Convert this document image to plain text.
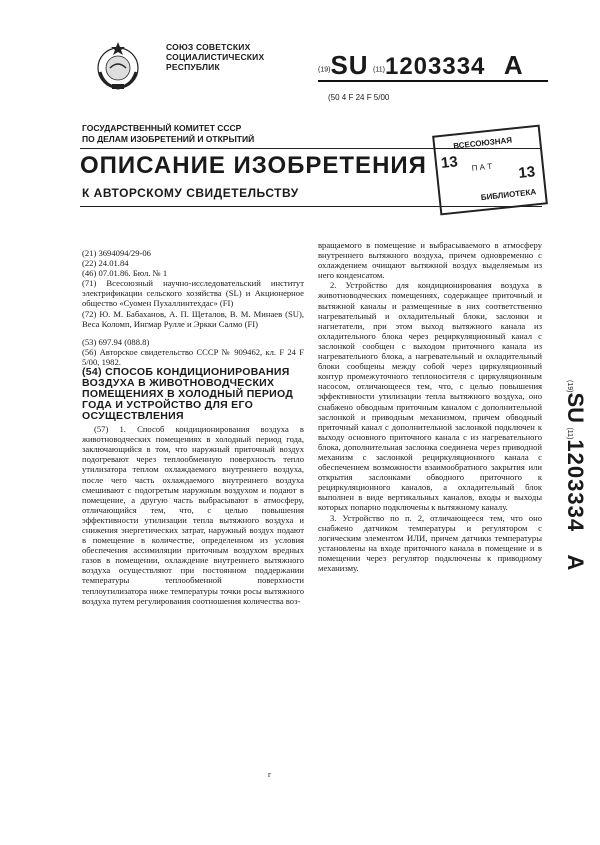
СОЮЗ СОВЕТСКИХ
СОЦИАЛИСТИЧЕСКИХ
РЕСПУБЛИК	(19)SU (11)1203334 A
(50 4 F 24 F 5/00
ГОСУДАРСТВЕННЫЙ КОМИТЕТ СССР
ПО ДЕЛАМ ИЗОБРЕТЕНИЙ И ОТКРЫТИЙ
ОПИСАНИЕ ИЗОБРЕТЕНИЯ
К АВТОРСКОМУ СВИДЕТЕЛЬСТВУ
ВСЕСОЮЗНАЯ
13 П А Т 13
БИБЛИОТЕКА

(21) 3694094/29-06

(22) 24.01.84

(46) 07.01.86. Бюл. № 1

(71) Всесоюзный научно-исследовательский институт электрификации сельского хозяйства (SL) и Акционерное общество «Суомен Пухаллинтехдас» (FI)

(72) Ю. М. Бабаханов, А. П. Щеталов, В. М. Минаев (SU), Веса Коломп, Ингмар Рулле и Эркки Салмо (FI)

(53) 697.94 (088.8)

(56) Авторское свидетельство СССР № 909462, кл. F 24 F 5/00, 1982.

(54) СПОСОБ КОНДИЦИОНИРОВАНИЯ ВОЗДУХА В ЖИВОТНОВОДЧЕСКИХ ПОМЕЩЕНИЯХ В ХОЛОДНЫЙ ПЕРИОД ГОДА И УСТРОЙСТВО ДЛЯ ЕГО ОСУЩЕСТВЛЕНИЯ

(57) 1. Способ кондиционирования воздуха в животноводческих помещениях в холодный период года, заключающийся в том, что наружный приточный воздух подогревают через теплообменную поверхность тепло утилизатора теплом охлаждаемого внутреннего воздуха, после чего часть охлаждаемого внутреннего воздуха смешивают с подогретым наружным воздухом и подают в помещение, а другую часть выбрасывают в атмосферу, отличающийся тем, что, с целью повышения эффективности утилизации тепла вытяжного воздуха и снижения энергетических затрат, наружный воздух подают в помещение в количестве, определенном из условия обеспечения ассимиляции приточным воздухом вредных газов в помещении, охлаждение внутреннего вытяжного воздуха осуществляют при постоянном поддержании температуры теплообменной поверхности теплоутилизатора ниже температуры точки росы вытяжного воздуха путем регулирования соотношения количества воз-

вращаемого в помещение и выбрасываемого в атмосферу внутреннего вытяжного воздуха, причем одновременно с охлаждением очищают вытяжной воздух выделяемым из него конденсатом.

2. Устройство для кондиционирования воздуха в животноводческих помещениях, содержащее приточный и вытяжной каналы и размещенные в них соответственно нагревательный и охладительный блоки, заслонки и нагнетатели, при этом выход вытяжного канала из охладительного блока через рециркуляционный канал с заслонкой сообщен с выходом приточного канала из нагревательного блока, а нагревательный и охладительный блоки сообщены между собой через циркуляционный контур промежуточного теплоносителя с циркуляционным насосом, отличающееся тем, что, с целью повышения эффективности утилизации тепла вытяжного воздуха, оно снабжено обводным приточным каналом с дополнительной заслонкой и приводным механизмом, причем обводный приточный канал с дополнительной заслонкой подключен к выходу основного приточного канала с из нагревательного блока, дополнительная заслонка соединена через приводной механизм с заслонкой рециркуляционного канала с обеспечением возможности взаимообратного закрытия или открытия заслонками обводного приточного к рециркуляционного каналов, а охладительный блок выполнен в виде вертикальных каналов, входы и выходы которых попарно подключены к вытяжному каналу.

3. Устройство по п. 2, отличающееся тем, что оно снабжено датчиком температуры и регулятором с логическим элементом ИЛИ, причем датчики температуры установлены на входе приточного канала в помещение и в помещении через регулятор подключены к приводному механизму.

(19)SU (11)1203334 A
г
